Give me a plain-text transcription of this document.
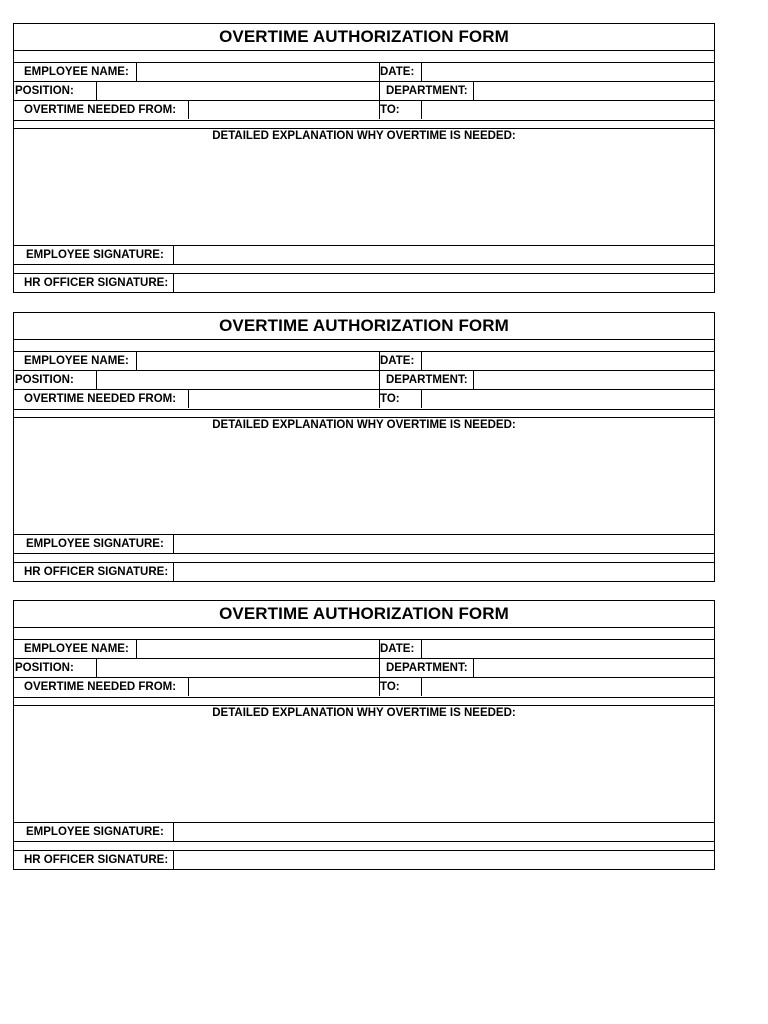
OVERTIME AUTHORIZATION FORM
EMPLOYEE NAME:	DATE:
POSITION:	DEPARTMENT:
OVERTIME NEEDED FROM:	TO:
DETAILED EXPLANATION WHY OVERTIME IS NEEDED:
EMPLOYEE SIGNATURE:
HR OFFICER SIGNATURE:
OVERTIME AUTHORIZATION FORM
EMPLOYEE NAME:	DATE:
POSITION:	DEPARTMENT:
OVERTIME NEEDED FROM:	TO:
DETAILED EXPLANATION WHY OVERTIME IS NEEDED:
EMPLOYEE SIGNATURE:
HR OFFICER SIGNATURE:
OVERTIME AUTHORIZATION FORM
EMPLOYEE NAME:	DATE:
POSITION:	DEPARTMENT:
OVERTIME NEEDED FROM:	TO:
DETAILED EXPLANATION WHY OVERTIME IS NEEDED:
EMPLOYEE SIGNATURE:
HR OFFICER SIGNATURE:
